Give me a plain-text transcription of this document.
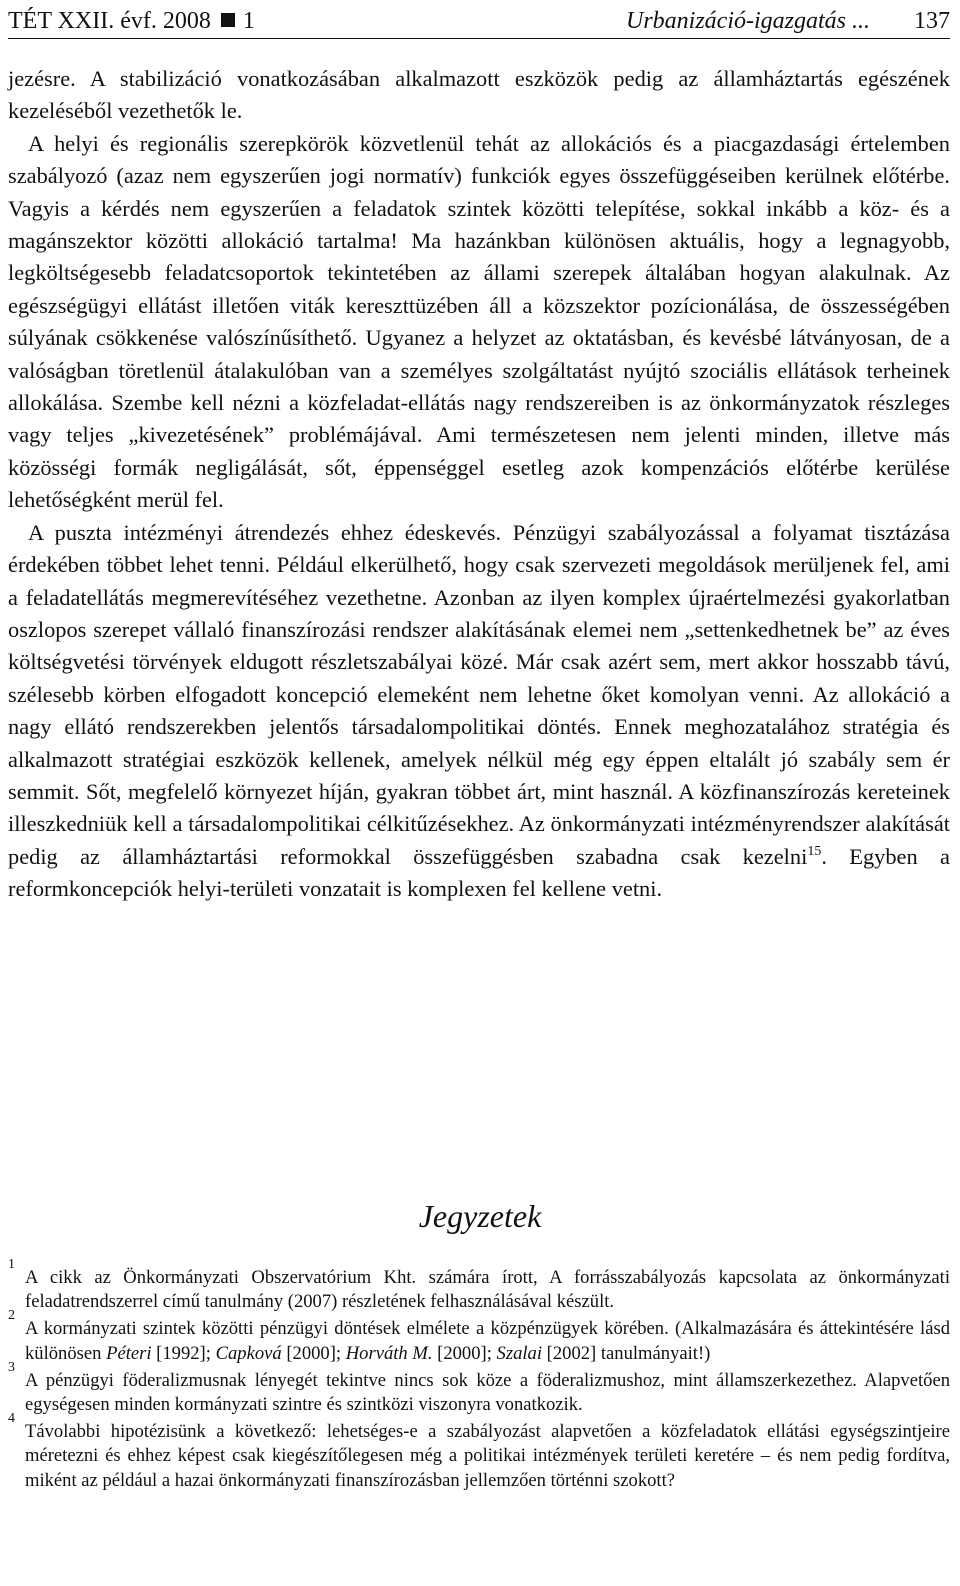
TÉT XXII. évf. 2008 1	Urbanizáció-igazgatás ... 137

jezésre. A stabilizáció vonatkozásában alkalmazott eszközök pedig az államháztartás egészének kezeléséből vezethetők le.

A helyi és regionális szerepkörök közvetlenül tehát az allokációs és a piacgazdasági értelemben szabályozó (azaz nem egyszerűen jogi normatív) funkciók egyes összefüggéseiben kerülnek előtérbe. Vagyis a kérdés nem egyszerűen a feladatok szintek közötti telepítése, sokkal inkább a köz- és a magánszektor közötti allokáció tartalma! Ma hazánkban különösen aktuális, hogy a legnagyobb, legköltségesebb feladatcsoportok tekintetében az állami szerepek általában hogyan alakulnak. Az egészségügyi ellátást illetően viták kereszttüzében áll a közszektor pozícionálása, de összességében súlyának csökkenése valószínűsíthető. Ugyanez a helyzet az oktatásban, és kevésbé látványosan, de a valóságban töretlenül átalakulóban van a személyes szolgáltatást nyújtó szociális ellátások terheinek allokálása. Szembe kell nézni a közfeladat-ellátás nagy rendszereiben is az önkormányzatok részleges vagy teljes „kivezetésének” problémájával. Ami természetesen nem jelenti minden, illetve más közösségi formák negligálását, sőt, éppenséggel esetleg azok kompenzációs előtérbe kerülése lehetőségként merül fel.

A puszta intézményi átrendezés ehhez édeskevés. Pénzügyi szabályozással a folyamat tisztázása érdekében többet lehet tenni. Például elkerülhető, hogy csak szervezeti megoldások merüljenek fel, ami a feladatellátás megmerevítéséhez vezethetne. Azonban az ilyen komplex újraértelmezési gyakorlatban oszlopos szerepet vállaló finanszírozási rendszer alakításának elemei nem „settenkedhetnek be” az éves költségvetési törvények eldugott részletszabályai közé. Már csak azért sem, mert akkor hosszabb távú, szélesebb körben elfogadott koncepció elemeként nem lehetne őket komolyan venni. Az allokáció a nagy ellátó rendszerekben jelentős társadalompolitikai döntés. Ennek meghozatalához stratégia és alkalmazott stratégiai eszközök kellenek, amelyek nélkül még egy éppen eltalált jó szabály sem ér semmit. Sőt, megfelelő környezet híján, gyakran többet árt, mint használ. A közfinanszírozás kereteinek illeszkedniük kell a társadalompolitikai célkitűzésekhez. Az önkormányzati intézményrendszer alakítását pedig az államháztartási reformokkal összefüggésben szabadna csak kezelni$^{15}$. Egyben a reformkoncepciók helyi-területi vonzatait is komplexen fel kellene vetni.

Jegyzetek
1
A cikk az Önkormányzati Obszervatórium Kht. számára írott, A forrásszabályozás kapcsolata az önkormányzati feladatrendszerrel című tanulmány (2007) részletének felhasználásával készült.
2
A kormányzati szintek közötti pénzügyi döntések elmélete a közpénzügyek körében. (Alkalmazására és áttekintésére lásd különösen Péteri [1992]; Capková [2000]; Horváth M. [2000]; Szalai [2002] tanulmányait!)
3
A pénzügyi föderalizmusnak lényegét tekintve nincs sok köze a föderalizmushoz, mint államszerkezethez. Alapvetően egységesen minden kormányzati szintre és szintközi viszonyra vonatkozik.
4
Távolabbi hipotézisünk a következő: lehetséges-e a szabályozást alapvetően a közfeladatok ellátási egységszintjeire méretezni és ehhez képest csak kiegészítőlegesen még a politikai intézmények területi keretére – és nem pedig fordítva, miként az például a hazai önkormányzati finanszírozásban jellemzően történni szokott?
